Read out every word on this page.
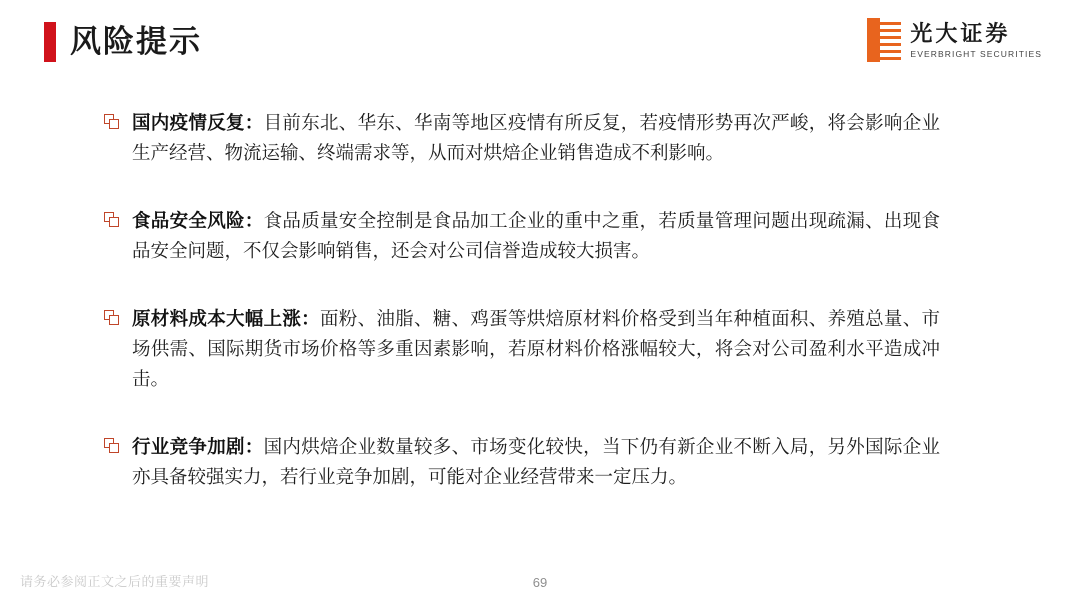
风险提示	光大证券
EVERBRIGHT SECURITIES
国内疫情反复：目前东北、华东、华南等地区疫情有所反复，若疫情形势再次严峻，将会影响企业生产经营、物流运输、终端需求等，从而对烘焙企业销售造成不利影响。
食品安全风险：食品质量安全控制是食品加工企业的重中之重，若质量管理问题出现疏漏、出现食品安全问题，不仅会影响销售，还会对公司信誉造成较大损害。
原材料成本大幅上涨：面粉、油脂、糖、鸡蛋等烘焙原材料价格受到当年种植面积、养殖总量、市场供需、国际期货市场价格等多重因素影响，若原材料价格涨幅较大，将会对公司盈利水平造成冲击。
行业竞争加剧：国内烘焙企业数量较多、市场变化较快，当下仍有新企业不断入局，另外国际企业亦具备较强实力，若行业竞争加剧，可能对企业经营带来一定压力。
请务必参阅正文之后的重要声明	69
